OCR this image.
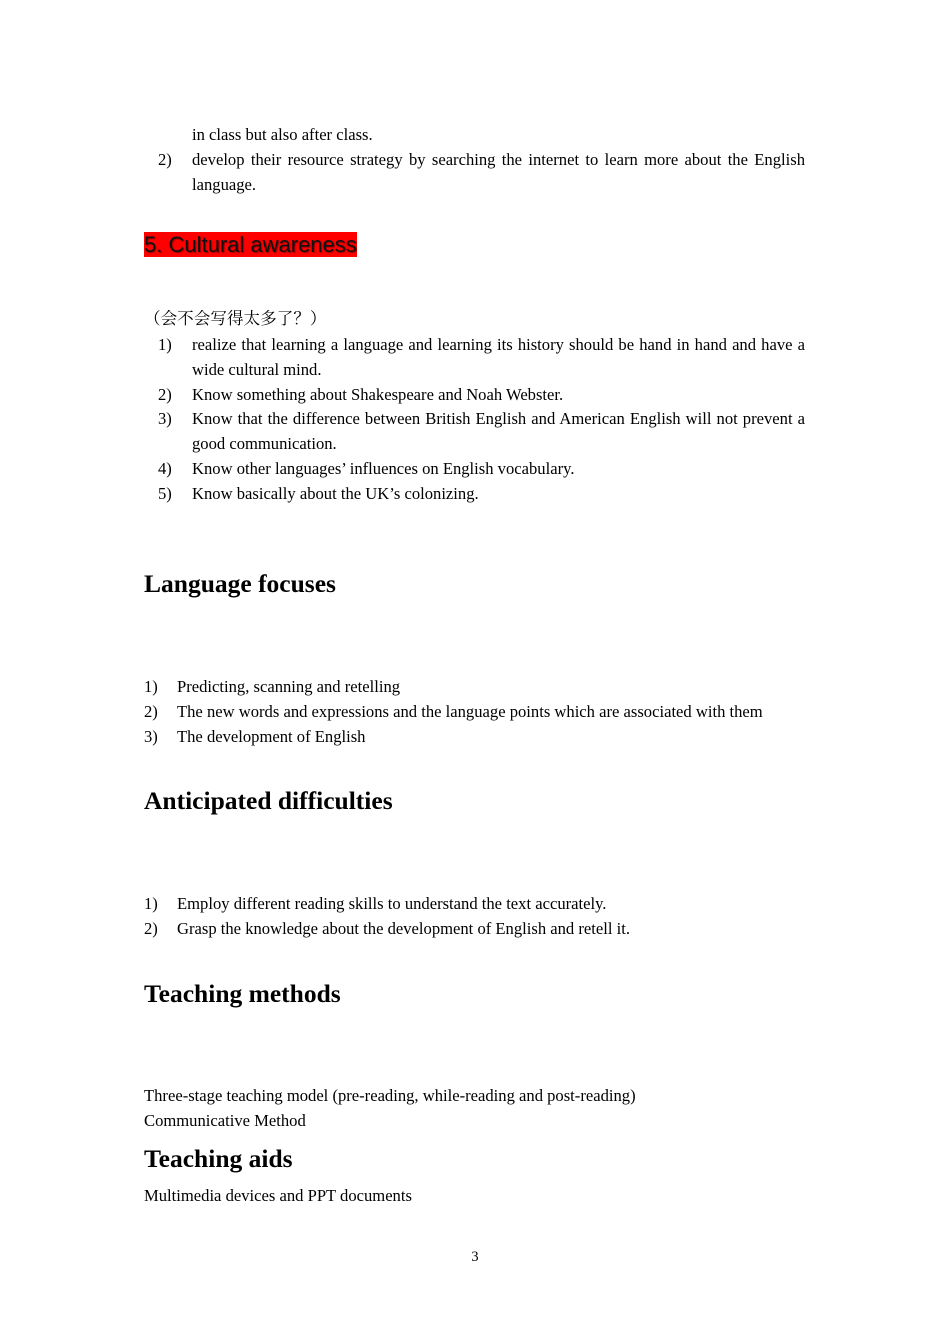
in class but also after class.
2) develop their resource strategy by searching the internet to learn more about the English language.
5. Cultural awareness
（会不会写得太多了？）
1) realize that learning a language and learning its history should be hand in hand and have a wide cultural mind.
2) Know something about Shakespeare and Noah Webster.
3) Know that the difference between British English and American English will not prevent a good communication.
4) Know other languages’ influences on English vocabulary.
5) Know basically about the UK’s colonizing.
Language focuses
1) Predicting, scanning and retelling
2) The new words and expressions and the language points which are associated with them
3) The development of English
Anticipated difficulties
1) Employ different reading skills to understand the text accurately.
2) Grasp the knowledge about the development of English and retell it.
Teaching methods
Three-stage teaching model (pre-reading, while-reading and post-reading)
Communicative Method
Teaching aids
Multimedia devices and PPT documents
3
